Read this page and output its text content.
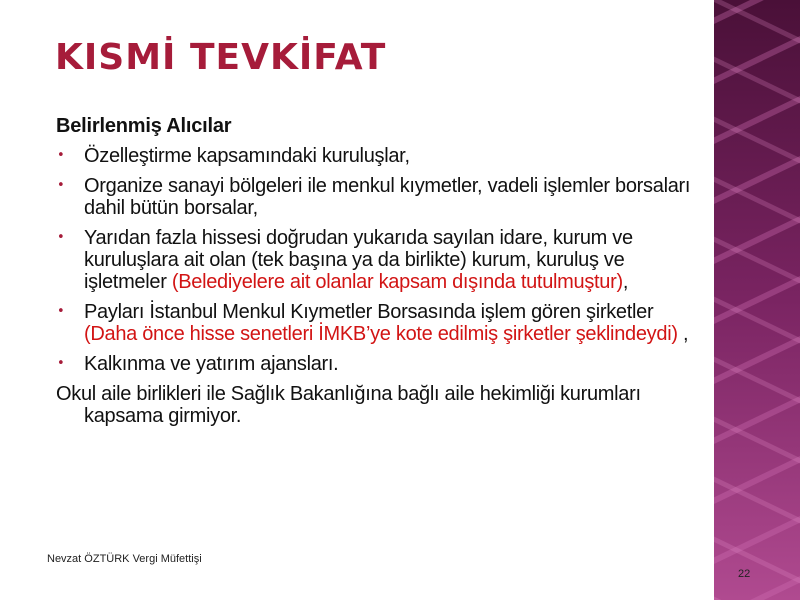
KISMİ TEVKİFAT
Belirlenmiş Alıcılar
• Özelleştirme kapsamındaki kuruluşlar,
• Organize sanayi bölgeleri ile menkul kıymetler, vadeli işlemler borsaları dahil bütün borsalar,
• Yarıdan fazla hissesi doğrudan yukarıda sayılan idare, kurum ve kuruluşlara ait olan (tek başına ya da birlikte) kurum, kuruluş ve işletmeler (Belediyelere ait olanlar kapsam dışında tutulmuştur),
• Payları İstanbul Menkul Kıymetler Borsasında işlem gören şirketler (Daha önce hisse senetleri İMKB’ye kote edilmiş şirketler şeklindeydi) ,
• Kalkınma ve yatırım ajansları.
Okul aile birlikleri ile Sağlık Bakanlığına bağlı aile hekimliği kurumları kapsama girmiyor.
Nevzat ÖZTÜRK Vergi Müfettişi
22
